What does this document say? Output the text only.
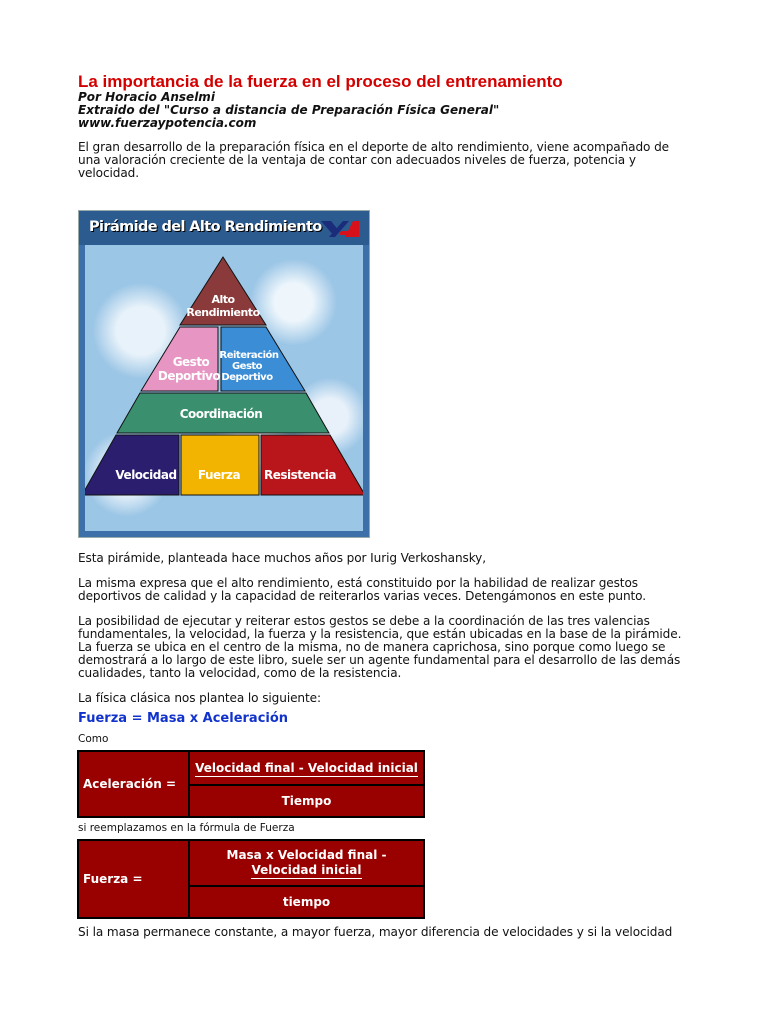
La importancia de la fuerza en el proceso del entrenamiento
Por Horacio Anselmi
Extraido del "Curso a distancia de Preparación Física General"
www.fuerzaypotencia.com

El gran desarrollo de la preparación física en el deporte de alto rendimiento, viene acompañado de una valoración creciente de la ventaja de contar con adecuados niveles de fuerza, potencia y velocidad.

Pirámide del Alto Rendimiento
Alto
Rendimiento
Gesto
Deportivo
Reiteración
Gesto
Deportivo
Coordinación
Velocidad Fuerza Resistencia

Esta pirámide, planteada hace muchos años por Iurig Verkoshansky,

La misma expresa que el alto rendimiento, está constituido por la habilidad de realizar gestos deportivos de calidad y la capacidad de reiterarlos varias veces. Detengámonos en este punto.

La posibilidad de ejecutar y reiterar estos gestos se debe a la coordinación de las tres valencias fundamentales, la velocidad, la fuerza y la resistencia, que están ubicadas en la base de la pirámide. La fuerza se ubica en el centro de la misma, no de manera caprichosa, sino porque como luego se demostrará a lo largo de este libro, suele ser un agente fundamental para el desarrollo de las demás cualidades, tanto la velocidad, como de la resistencia.

La física clásica nos plantea lo siguiente:

Fuerza = Masa x Aceleración

Como

Aceleración =	Velocidad final - Velocidad inicial
Tiempo

si reemplazamos en la fórmula de Fuerza

Fuerza =	Masa x Velocidad final -
Velocidad inicial
tiempo

Si la masa permanece constante, a mayor fuerza, mayor diferencia de velocidades y si la velocidad
